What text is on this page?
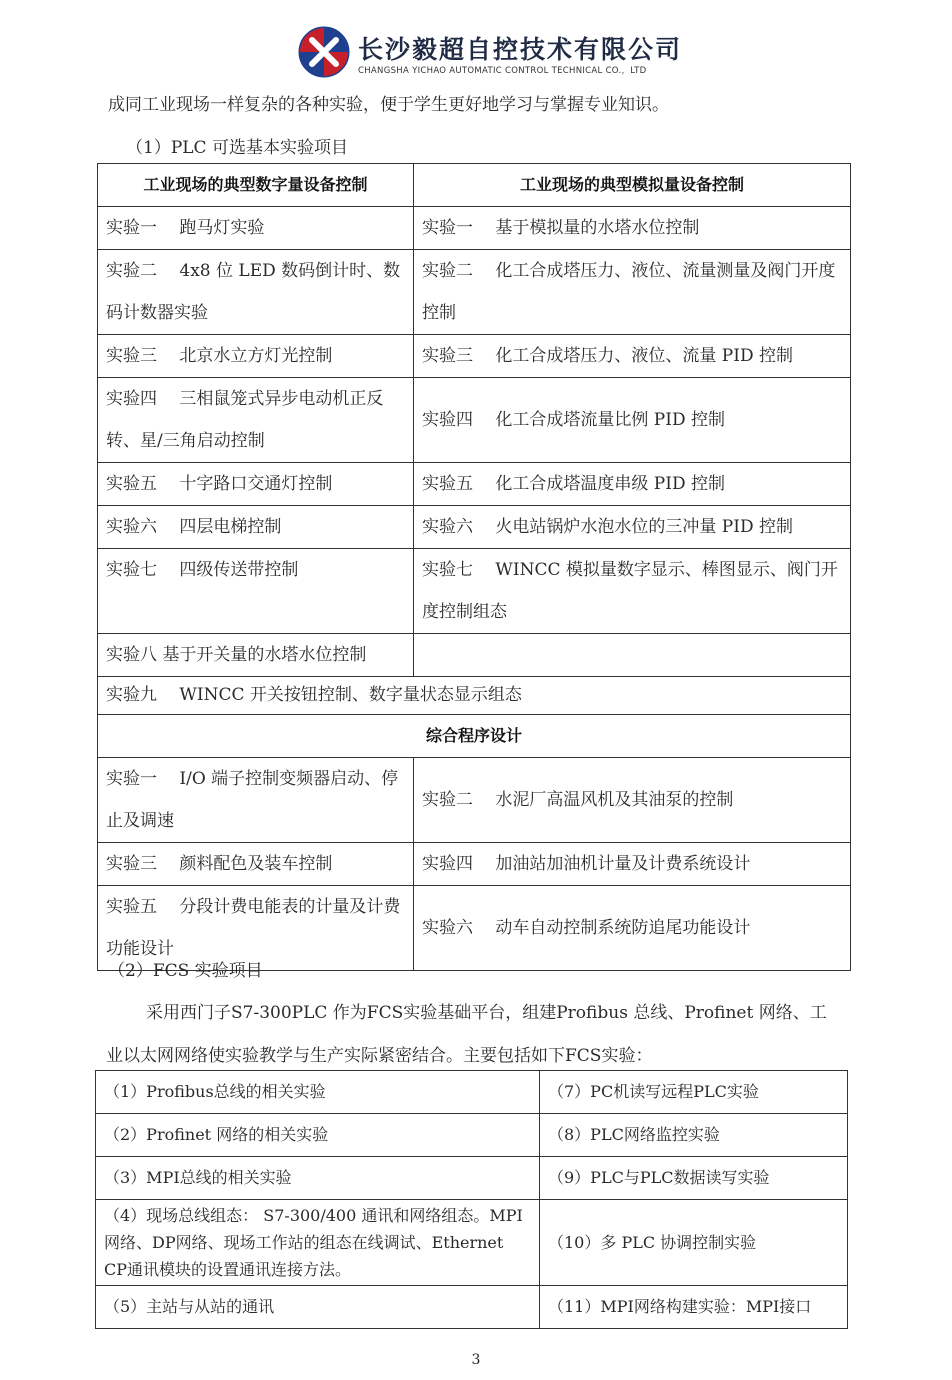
长沙毅超自控技术有限公司
CHANGSHA YICHAO AUTOMATIC CONTROL TECHNICAL CO.，LTD
成同工业现场一样复杂的各种实验，便于学生更好地学习与掌握专业知识。
（1）PLC 可选基本实验项目
工业现场的典型数字量设备控制	工业现场的典型模拟量设备控制
实验一　 跑马灯实验	实验一　 基于模拟量的水塔水位控制
实验二　 4x8 位 LED 数码倒计时、数码计数器实验	实验二　 化工合成塔压力、液位、流量测量及阀门开度控制
实验三　 北京水立方灯光控制	实验三　 化工合成塔压力、液位、流量 PID 控制
实验四　 三相鼠笼式异步电动机正反转、星/三角启动控制	实验四　 化工合成塔流量比例 PID 控制
实验五　 十字路口交通灯控制	实验五　 化工合成塔温度串级 PID 控制
实验六　 四层电梯控制	实验六　 火电站锅炉水泡水位的三冲量 PID 控制
实验七　 四级传送带控制	实验七　 WINCC 模拟量数字显示、棒图显示、阀门开度控制组态
实验八 基于开关量的水塔水位控制	
实验九　 WINCC 开关按钮控制、数字量状态显示组态	
综合程序设计	
实验一　 I/O 端子控制变频器启动、停止及调速	实验二　 水泥厂高温风机及其油泵的控制
实验三　 颜料配色及装车控制	实验四　 加油站加油机计量及计费系统设计
实验五　 分段计费电能表的计量及计费功能设计	实验六　 动车自动控制系统防追尾功能设计
（2）FCS 实验项目
采用西门子S7-300PLC 作为FCS实验基础平台，组建Profibus 总线、Profinet 网络、工
业以太网网络使实验教学与生产实际紧密结合。主要包括如下FCS实验：
（1）Profibus总线的相关实验	（7）PC机读写远程PLC实验
（2）Profinet 网络的相关实验	（8）PLC网络监控实验
（3）MPI总线的相关实验	（9）PLC与PLC数据读写实验
（4）现场总线组态： S7-300/400 通讯和网络组态。MPI网络、DP网络、现场工作站的组态在线调试、Ethernet CP通讯模块的设置通讯连接方法。	（10）多 PLC 协调控制实验
（5）主站与从站的通讯	（11）MPI网络构建实验：MPI接口
3
